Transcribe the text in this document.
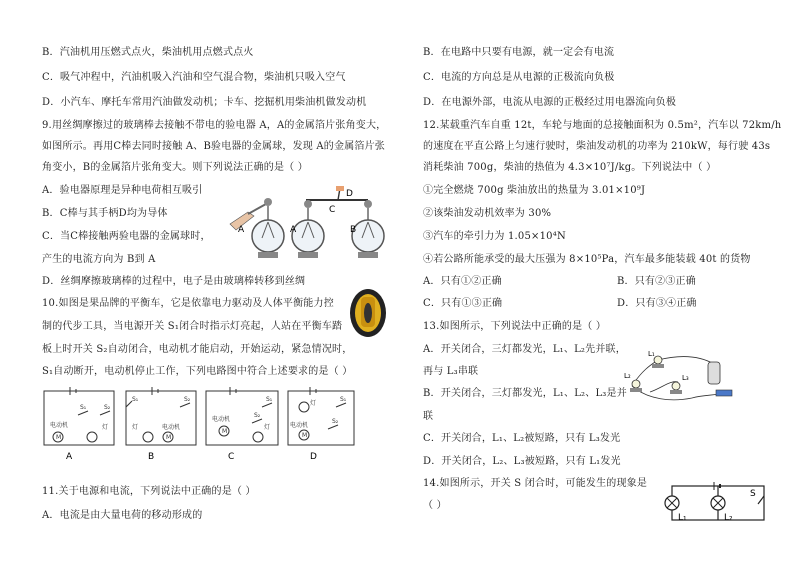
B．汽油机用压燃式点火，柴油机用点燃式点火
C．吸气冲程中，汽油机吸入汽油和空气混合物，柴油机只吸入空气
D．小汽车、摩托车常用汽油做发动机；卡车、挖掘机用柴油机做发动机
9.用丝绸摩擦过的玻璃棒去接触不带电的验电器 A，A的金属箔片张角变大，
如图所示。再用C棒去同时接触 A、B验电器的金属球，发现 A的金属箔片张
角变小，B的金属箔片张角变大。则下列说法正确的是（ ）
A．验电器原理是异种电荷相互吸引
B．C棒与其手柄D均为导体
C．当C棒接触两验电器的金属球时，
产生的电流方向为 B到 A
D．丝绸摩擦玻璃棒的过程中，电子是由玻璃棒转移到丝绸
10.如图是果品牌的平衡车，它是依靠电力驱动及人体平衡能力控
制的代步工具，当电源开关 S₁闭合时指示灯亮起，人站在平衡车踏
板上时开关 S₂自动闭合，电动机才能启动，开始运动，紧急情况时，
S₁自动断开，电动机停止工作，下列电路图中符合上述要求的是（ ）
11.关于电源和电流，下列说法中正确的是（ ）
A．电流是由大量电荷的移动形成的
A	A
C
D
B
M	M
M
M
电动机
电动机
电动机	电动机
灯	灯	灯
灯
S₁	S₂
S₁	S₂	S₁
S₂
S₁
S₂
A	B	C	D
B．在电路中只要有电源，就一定会有电流
C．电流的方向总是从电源的正极流向负极
D．在电源外部，电流从电源的正极经过用电器流向负极
12.某载重汽车自重 12t，车轮与地面的总接触面积为 0.5m²，汽车以 72km/h
的速度在平直公路上匀速行驶时，柴油发动机的功率为 210kW，每行驶 43s
消耗柴油 700g，柴油的热值为 4.3×10⁷J/kg。下列说法中（ ）
①完全燃烧 700g 柴油放出的热量为 3.01×10⁹J
②该柴油发动机效率为 30%
③汽车的牵引力为 1.05×10⁴N
④若公路所能承受的最大压强为 8×10⁵Pa，汽车最多能装载 40t 的货物
A．只有①②正确	B．只有②③正确
C．只有①③正确	D．只有③④正确
13.如图所示，下列说法中正确的是（ ）
A．开关闭合，三灯都发光，L₁、L₂先并联，
再与 L₃串联
B．开关闭合，三灯都发光，L₁、L₂、L₃是并
联
C．开关闭合，L₁、L₂被短路，只有 L₃发光
D．开关闭合，L₂、L₃被短路，只有 L₁发光
14.如图所示，开关 S 闭合时，可能发生的现象是
（ ）
L₁
L₂	L₃
L₁	L₂
S
